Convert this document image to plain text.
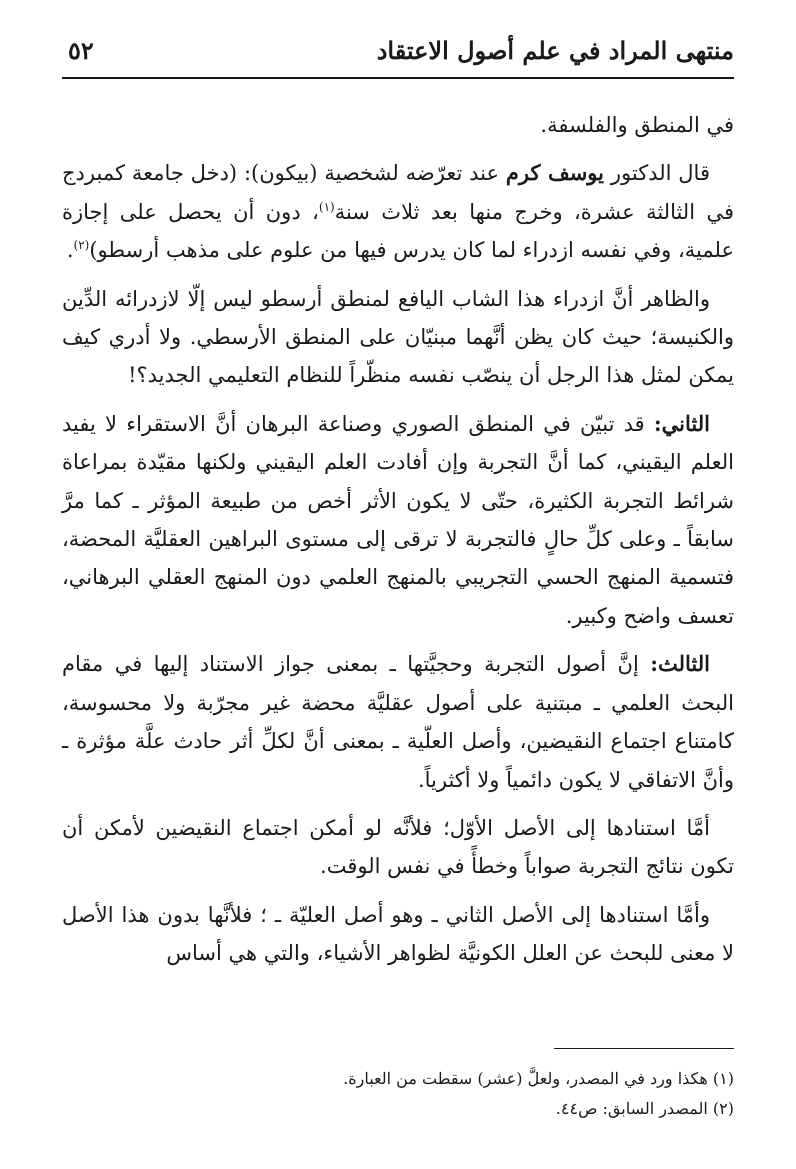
منتهى المراد في علم أصول الاعتقاد
٥٢

في المنطق والفلسفة.

قال الدكتور يوسف كرم عند تعرّضه لشخصية (بيكون): (دخل جامعة كمبردج في الثالثة عشرة، وخرج منها بعد ثلاث سنة$^{(١)}$، دون أن يحصل على إجازة علمية، وفي نفسه ازدراء لما كان يدرس فيها من علوم على مذهب أرسطو)$^{(٢)}$.

والظاهر أنَّ ازدراء هذا الشاب اليافع لمنطق أرسطو ليس إلّا لازدرائه الدِّين والكنيسة؛ حيث كان يظن أنَّهما مبنيّان على المنطق الأرسطي. ولا أدري كيف يمكن لمثل هذا الرجل أن ينصّب نفسه منظّراً للنظام التعليمي الجديد؟!

الثاني: قد تبيّن في المنطق الصوري وصناعة البرهان أنَّ الاستقراء لا يفيد العلم اليقيني، كما أنَّ التجربة وإن أفادت العلم اليقيني ولكنها مقيّدة بمراعاة شرائط التجربة الكثيرة، حتّى لا يكون الأثر أخص من طبيعة المؤثر ـ كما مرَّ سابقاً ـ وعلى كلِّ حالٍ فالتجربة لا ترقى إلى مستوى البراهين العقليَّة المحضة، فتسمية المنهج الحسي التجريبي بالمنهج العلمي دون المنهج العقلي البرهاني، تعسف واضح وكبير.

الثالث: إنَّ أصول التجربة وحجيَّتها ـ بمعنى جواز الاستناد إليها في مقام البحث العلمي ـ مبتنية على أصول عقليَّة محضة غير مجرّبة ولا محسوسة، كامتناع اجتماع النقيضين، وأصل العلّية ـ بمعنى أنَّ لكلِّ أثر حادث علَّة مؤثرة ـ وأنَّ الاتفاقي لا يكون دائمياً ولا أكثرياً.

أمَّا استنادها إلى الأصل الأوّل؛ فلأنَّه لو أمكن اجتماع النقيضين لأمكن أن تكون نتائج التجربة صواباً وخطأً في نفس الوقت.

وأمَّا استنادها إلى الأصل الثاني ـ وهو أصل العليّة ـ ؛ فلأنَّها بدون هذا الأصل لا معنى للبحث عن العلل الكونيَّة لظواهر الأشياء، والتي هي أساس

(١) هكذا ورد في المصدر، ولعلَّ (عشر) سقطت من العبارة.

(٢) المصدر السابق: ص٤٤.
